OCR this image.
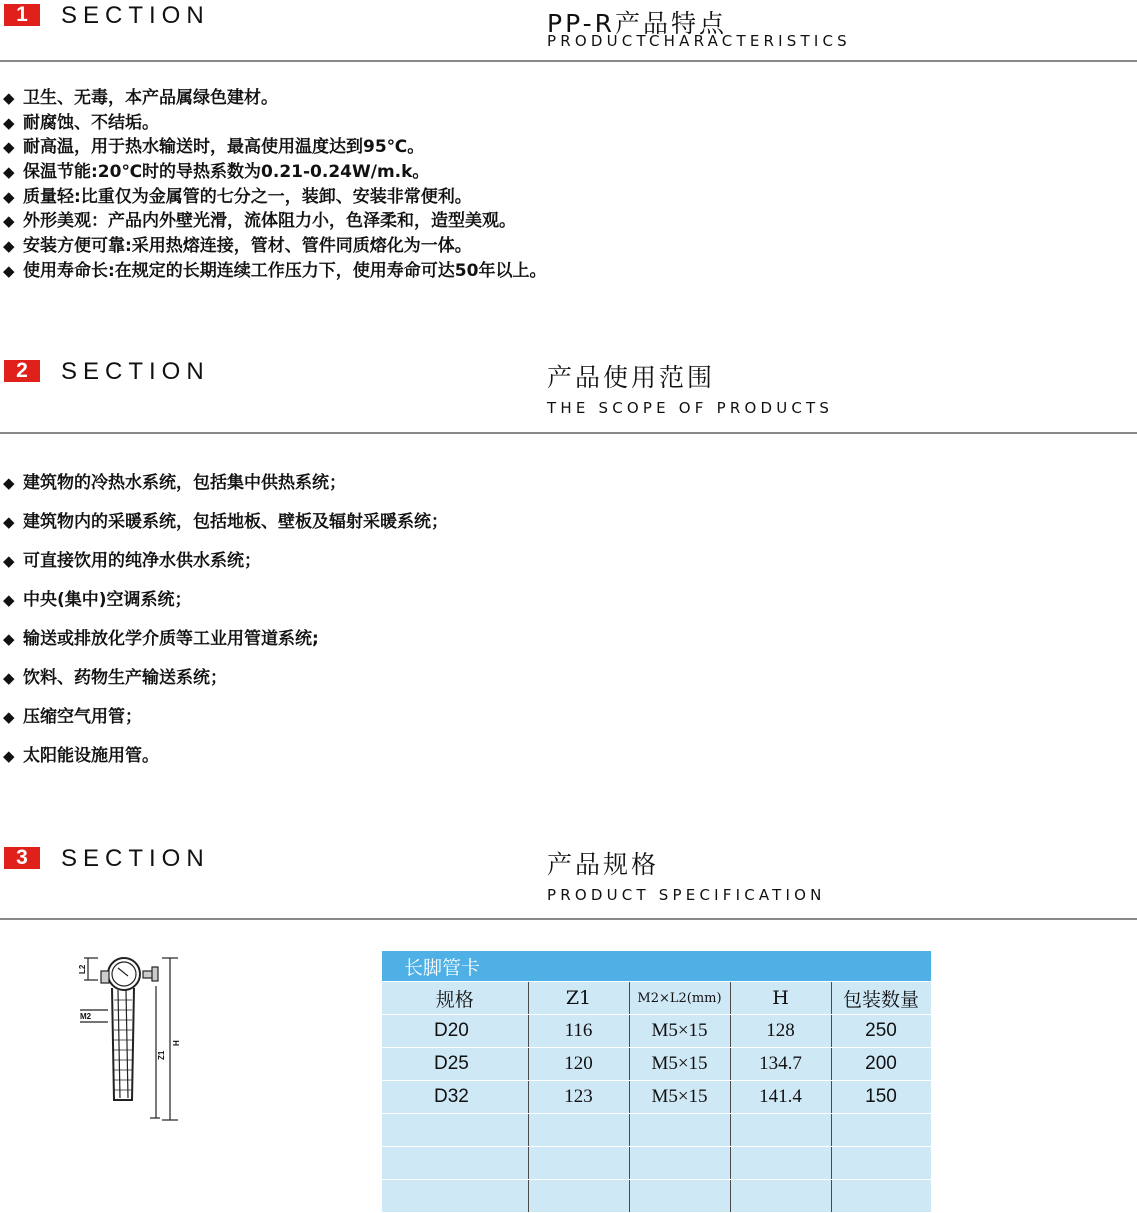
1	SECTION	PP-R产品特点
PRODUCTCHARACTERISTICS
◆ 卫生、无毒，本产品属绿色建材。
◆ 耐腐蚀、不结垢。
◆ 耐高温，用于热水输送时，最高使用温度达到95℃。
◆ 保温节能:20℃时的导热系数为0.21-0.24W/m.k。
◆ 质量轻:比重仅为金属管的七分之一，装卸、安装非常便利。
◆ 外形美观：产品内外壁光滑，流体阻力小，色泽柔和，造型美观。
◆ 安装方便可靠:采用热熔连接，管材、管件同质熔化为一体。
◆ 使用寿命长:在规定的长期连续工作压力下，使用寿命可达50年以上。
2	SECTION	产品使用范围
THE SCOPE OF PRODUCTS
◆ 建筑物的冷热水系统，包括集中供热系统；
◆ 建筑物内的采暖系统，包括地板、壁板及辐射采暖系统；
◆ 可直接饮用的纯净水供水系统；
◆ 中央(集中)空调系统；
◆ 输送或排放化学介质等工业用管道系统;
◆ 饮料、药物生产输送系统；
◆ 压缩空气用管；
◆ 太阳能设施用管。
3	SECTION	产品规格
PRODUCT SPECIFICATION
L2
M2
Z1
H
长脚管卡				
规格	Z1	M2×L2(mm)	H	包装数量
D20	116	M5×15	128	250
D25	120	M5×15	134.7	200
D32	123	M5×15	141.4	150
